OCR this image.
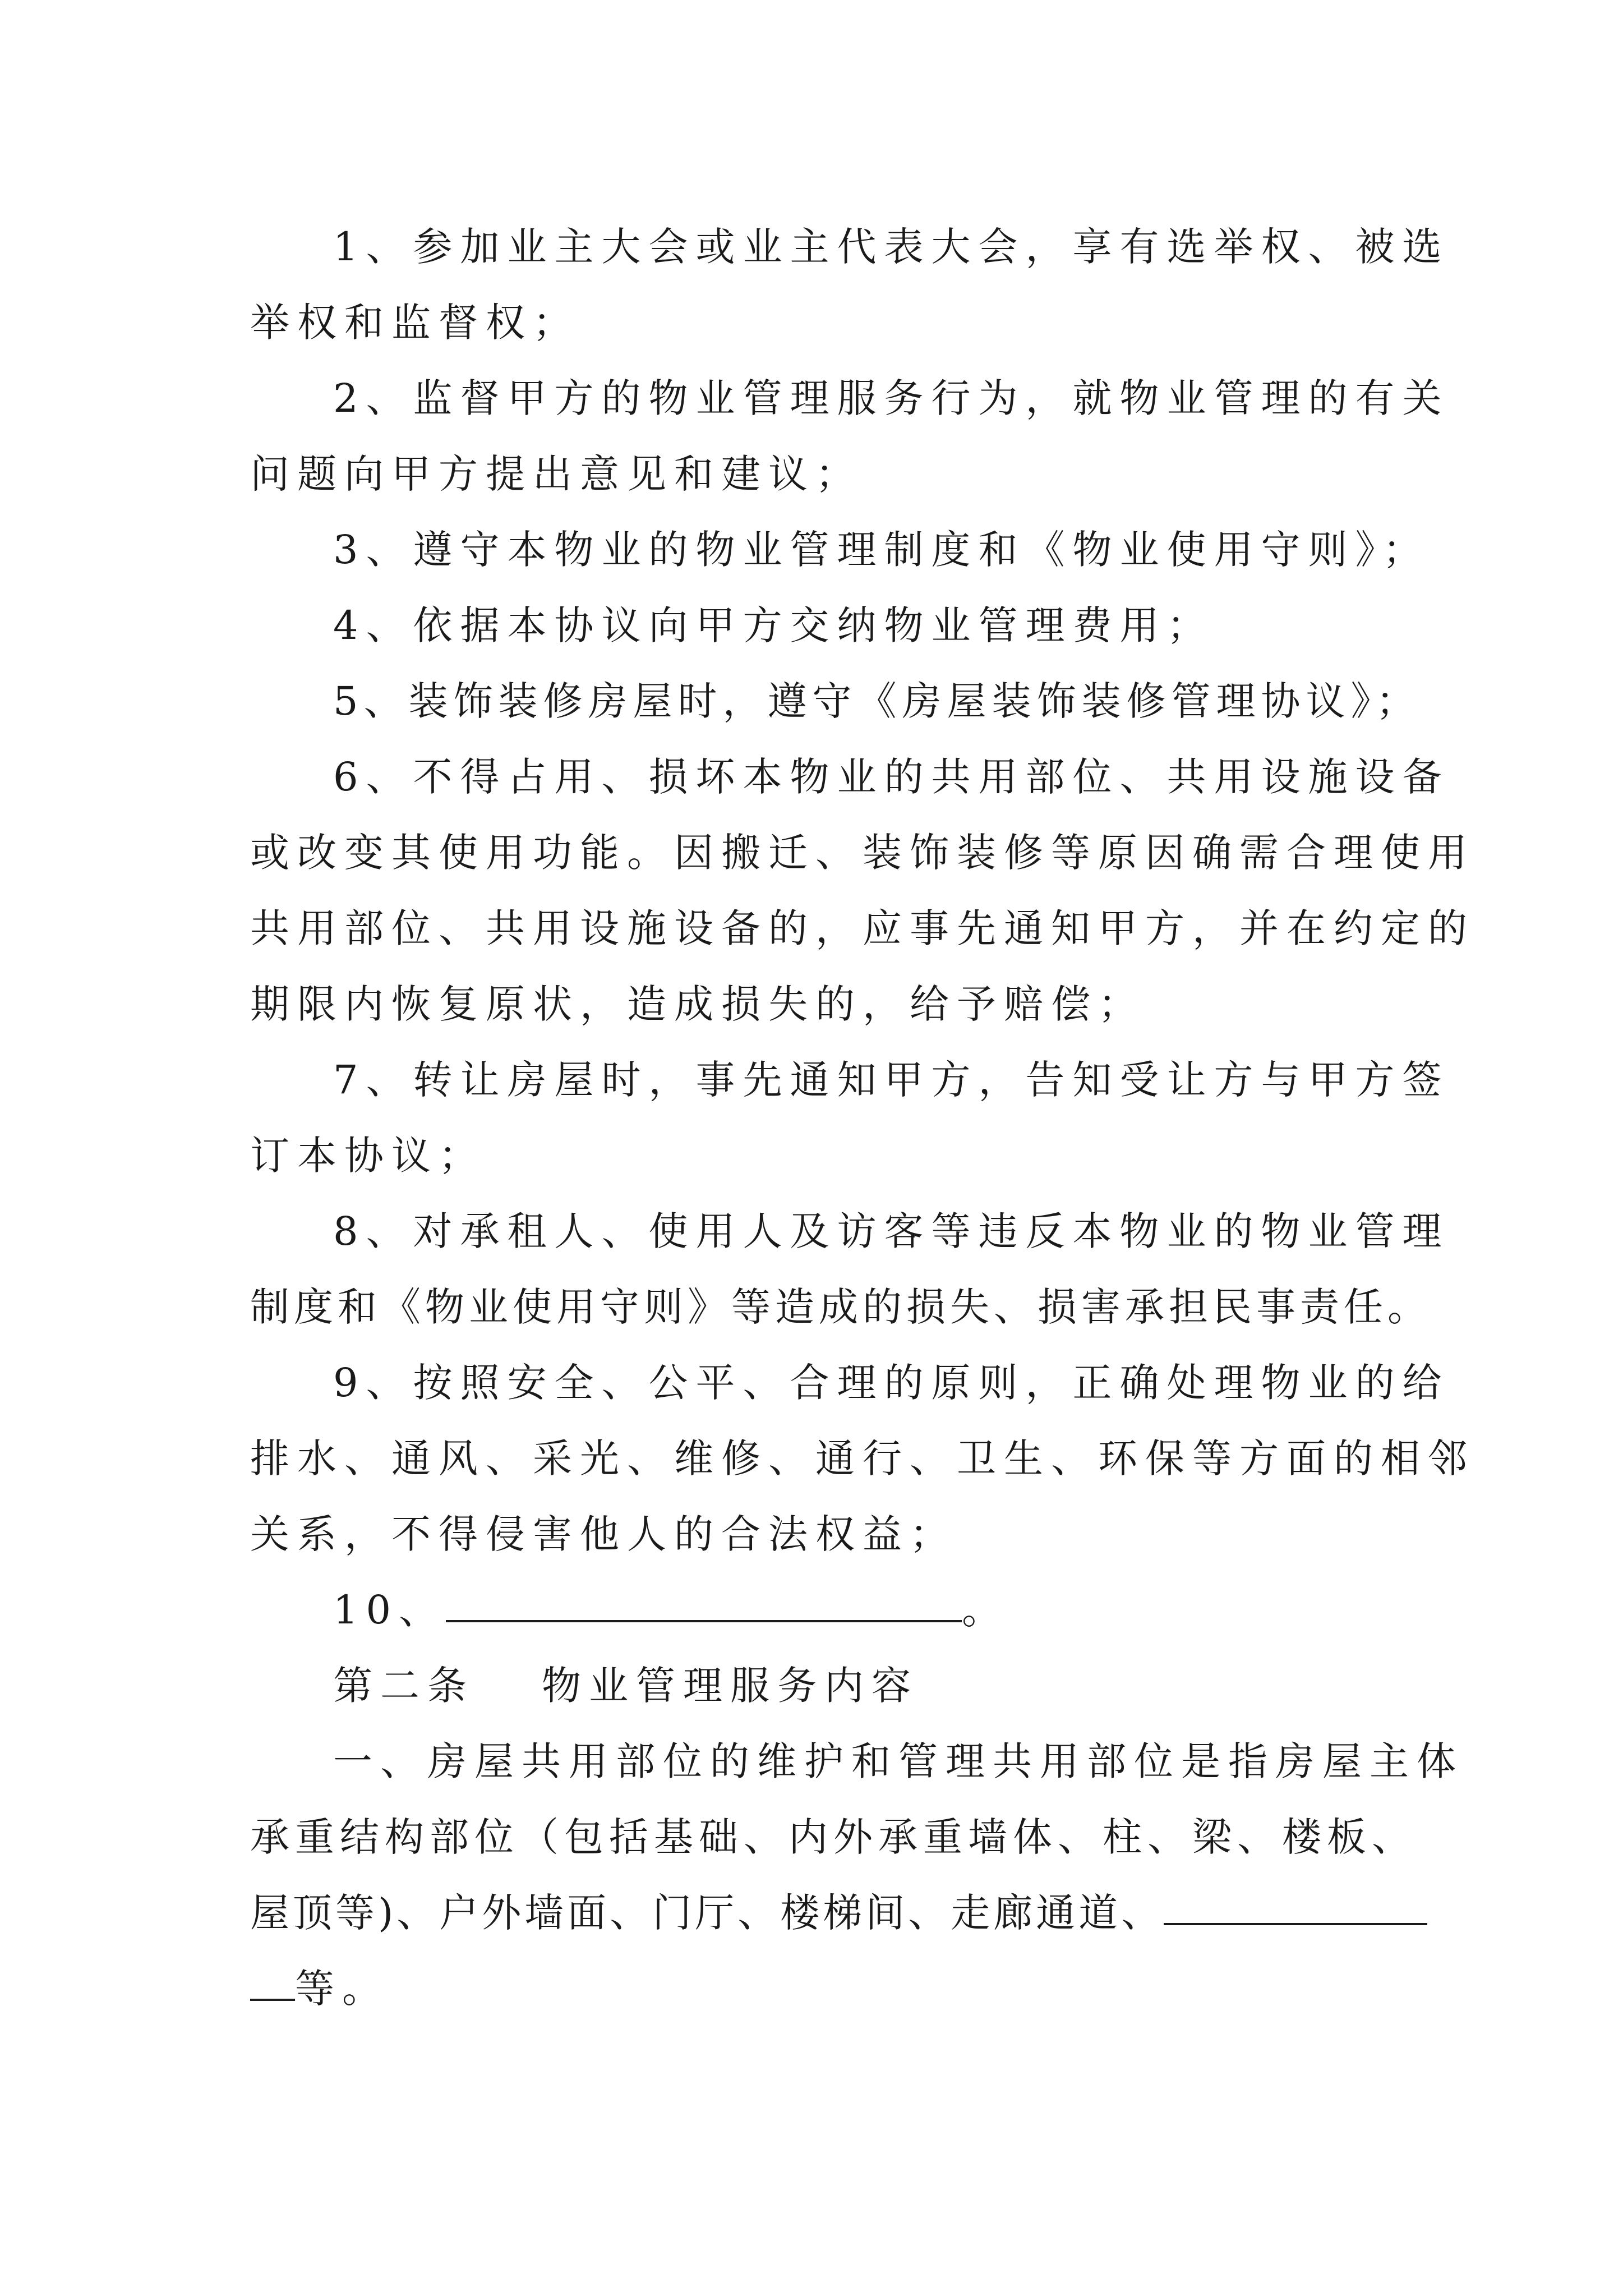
1、参加业主大会或业主代表大会，享有选举权、被选
举权和监督权；
2、监督甲方的物业管理服务行为，就物业管理的有关
问题向甲方提出意见和建议；
3、遵守本物业的物业管理制度和《物业使用守则》；
4、依据本协议向甲方交纳物业管理费用；
5、装饰装修房屋时，遵守《房屋装饰装修管理协议》；
6、不得占用、损坏本物业的共用部位、共用设施设备
或改变其使用功能。因搬迁、装饰装修等原因确需合理使用
共用部位、共用设施设备的，应事先通知甲方，并在约定的
期限内恢复原状，造成损失的，给予赔偿；
7、转让房屋时，事先通知甲方，告知受让方与甲方签
订本协议；
8、对承租人、使用人及访客等违反本物业的物业管理
制度和《物业使用守则》等造成的损失、损害承担民事责任。
9、按照安全、公平、合理的原则，正确处理物业的给
排水、通风、采光、维修、通行、卫生、环保等方面的相邻
关系，不得侵害他人的合法权益；
10、	。
第二条 物业管理服务内容
一、房屋共用部位的维护和管理共用部位是指房屋主体
承重结构部位（包括基础、内外承重墙体、柱、梁、楼板、
屋顶等)、户外墙面、门厅、楼梯间、走廊通道、
等。
